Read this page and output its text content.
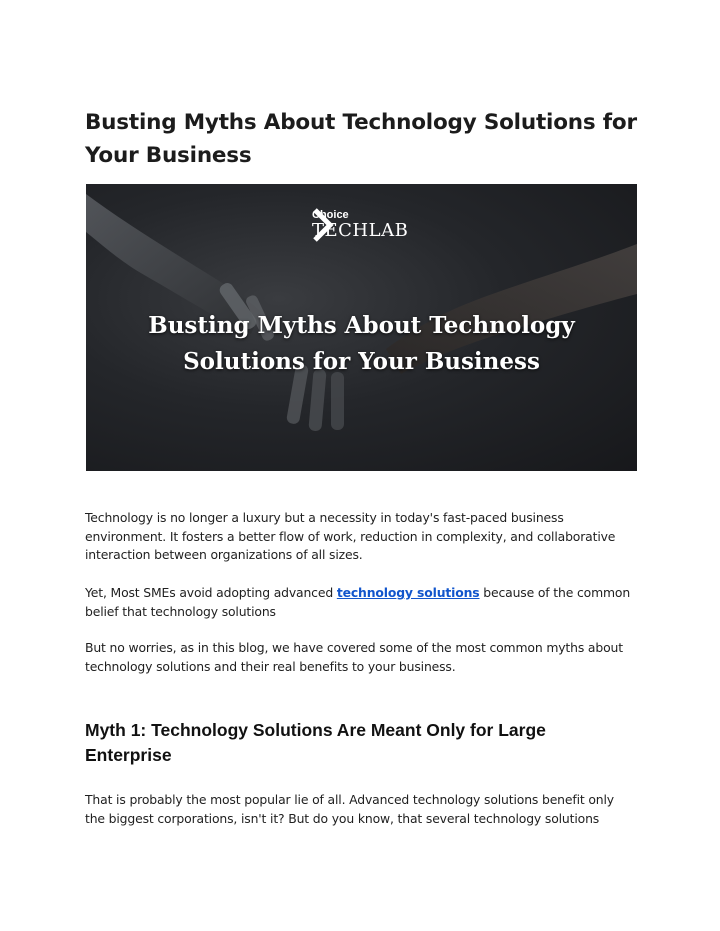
Busting Myths About Technology Solutions for Your Business
Choice
TECHLAB
Busting Myths About Technology
Solutions for Your Business

Technology is no longer a luxury but a necessity in today's fast-paced business environment. It fosters a better flow of work, reduction in complexity, and collaborative interaction between organizations of all sizes.

Yet, Most SMEs avoid adopting advanced technology solutions because of the common belief that technology solutions

But no worries, as in this blog, we have covered some of the most common myths about technology solutions and their real benefits to your business.

Myth 1: Technology Solutions Are Meant Only for Large Enterprise

That is probably the most popular lie of all. Advanced technology solutions benefit only the biggest corporations, isn't it? But do you know, that several technology solutions
